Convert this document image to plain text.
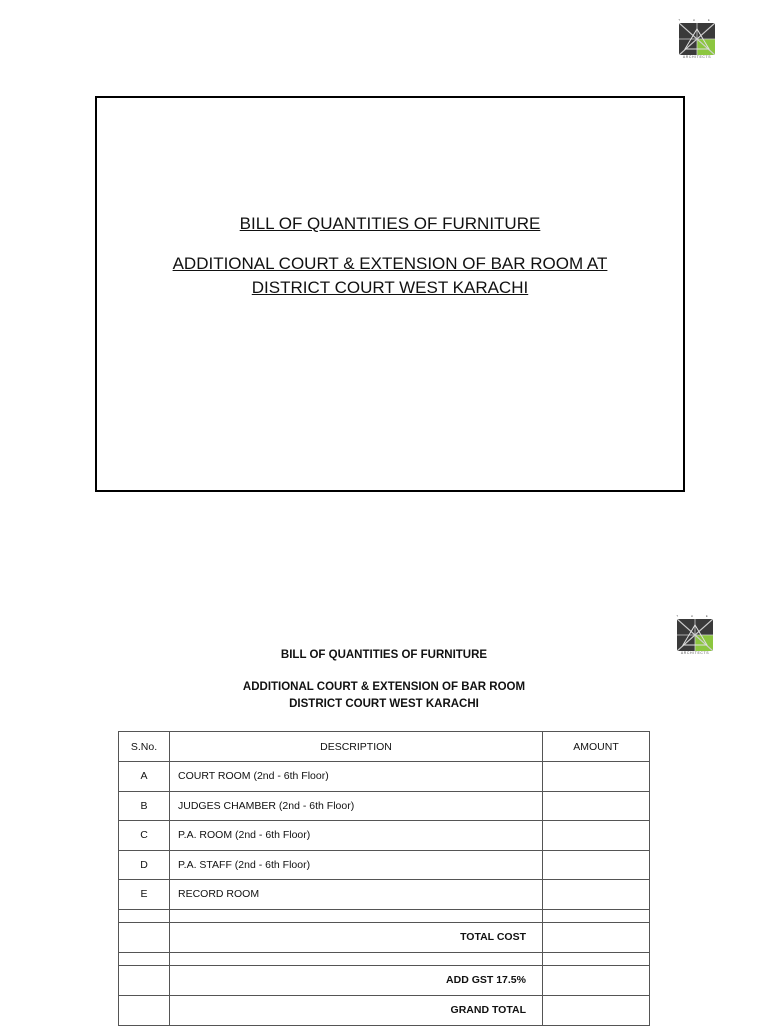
T H E
ARCHITECTS
BILL OF QUANTITIES OF FURNITURE
ADDITIONAL COURT & EXTENSION OF BAR ROOM AT
DISTRICT COURT WEST KARACHI
T H E
ARCHITECTS
BILL OF QUANTITIES OF FURNITURE
ADDITIONAL COURT & EXTENSION OF BAR ROOM
DISTRICT COURT WEST KARACHI
S.No.	DESCRIPTION	AMOUNT
A	COURT ROOM (2nd - 6th Floor)	
B	JUDGES CHAMBER (2nd - 6th Floor)	
C	P.A. ROOM (2nd - 6th Floor)	
D	P.A. STAFF (2nd - 6th Floor)	
E	RECORD ROOM	

	TOTAL COST	

	ADD GST 17.5%	
	GRAND TOTAL	
